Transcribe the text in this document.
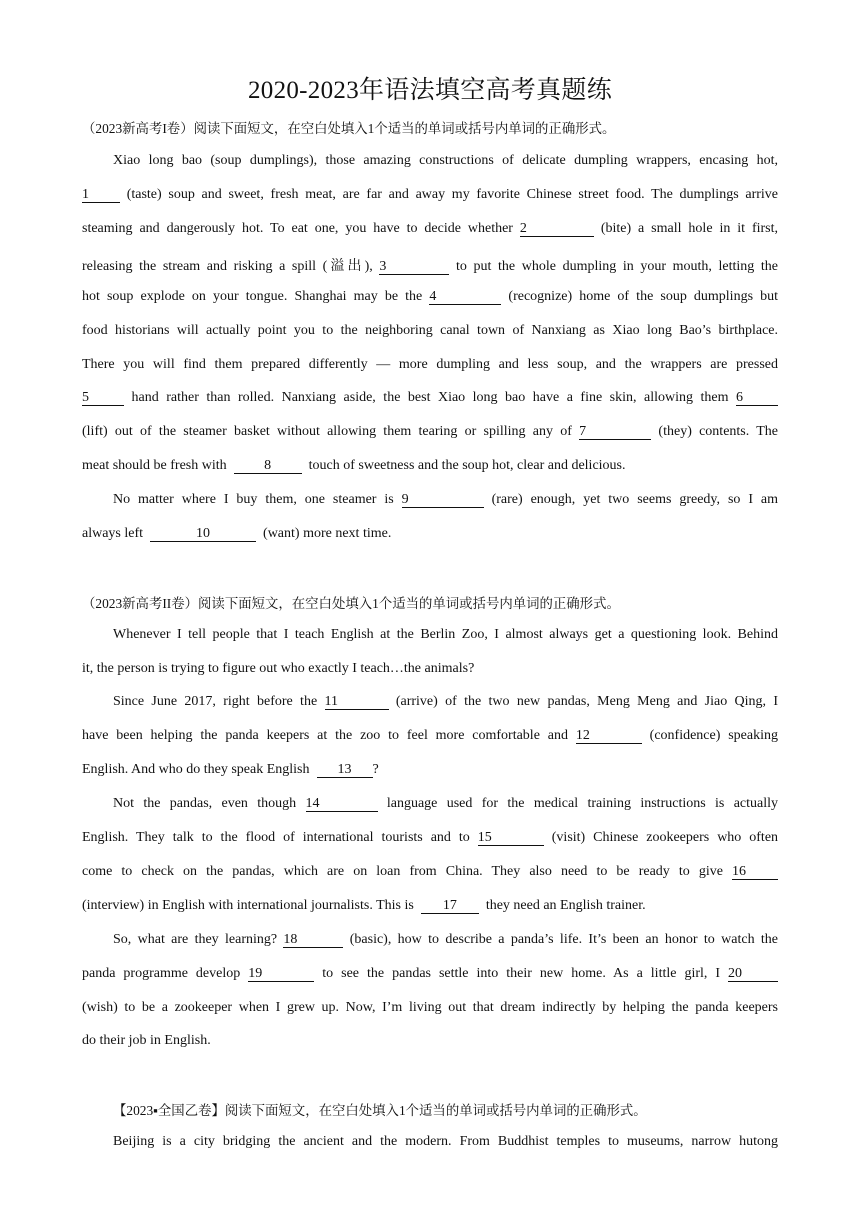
2020-2023年语法填空高考真题练
（2023新高考I卷）阅读下面短文，在空白处填入1个适当的单词或括号内单词的正确形式。
Xiao long bao (soup dumplings), those amazing constructions of delicate dumpling wrappers, encasing hot,
1	(taste) soup and sweet, fresh meat, are far and away my favorite Chinese street food. The dumplings arrive
steaming and dangerously hot. To eat one, you have to decide whether 2	(bite) a small hole in it first,
releasing the stream and risking a spill (溢出), 3	to put the whole dumpling in your mouth, letting the
hot soup explode on your tongue. Shanghai may be the 4	(recognize) home of the soup dumplings but
food historians will actually point you to the neighboring canal town of Nanxiang as Xiao long Bao’s birthplace.
There you will find them prepared differently — more dumpling and less soup, and the wrappers are pressed
5	hand rather than rolled. Nanxiang aside, the best Xiao long bao have a fine skin, allowing them 6
(lift) out of the steamer basket without allowing them tearing or spilling any of 7	(they) contents. The
meat should be fresh with	8	touch of sweetness and the soup hot, clear and delicious.
No matter where I buy them, one steamer is 9	(rare) enough, yet two seems greedy, so I am
always left	10	(want) more next time.
（2023新高考II卷）阅读下面短文，在空白处填入1个适当的单词或括号内单词的正确形式。
Whenever I tell people that I teach English at the Berlin Zoo, I almost always get a questioning look. Behind
it, the person is trying to figure out who exactly I teach…the animals?
Since June 2017, right before the 11	(arrive) of the two new pandas, Meng Meng and Jiao Qing, I
have been helping the panda keepers at the zoo to feel more comfortable and 12	(confidence) speaking
English. And who do they speak English 13 ?
Not the pandas, even though 14	language used for the medical training instructions is actually
English. They talk to the flood of international tourists and to 15	(visit) Chinese zookeepers who often
come to check on the pandas, which are on loan from China. They also need to be ready to give 16
(interview) in English with international journalists. This is 17 they need an English trainer.
So, what are they learning? 18	(basic), how to describe a panda’s life. It’s been an honor to watch the
panda programme develop 19	to see the pandas settle into their new home. As a little girl, I 20
(wish) to be a zookeeper when I grew up. Now, I’m living out that dream indirectly by helping the panda keepers
do their job in English.
【2023▪全国乙卷】阅读下面短文，在空白处填入1个适当的单词或括号内单词的正确形式。
Beijing is a city bridging the ancient and the modern. From Buddhist temples to museums, narrow hutong
